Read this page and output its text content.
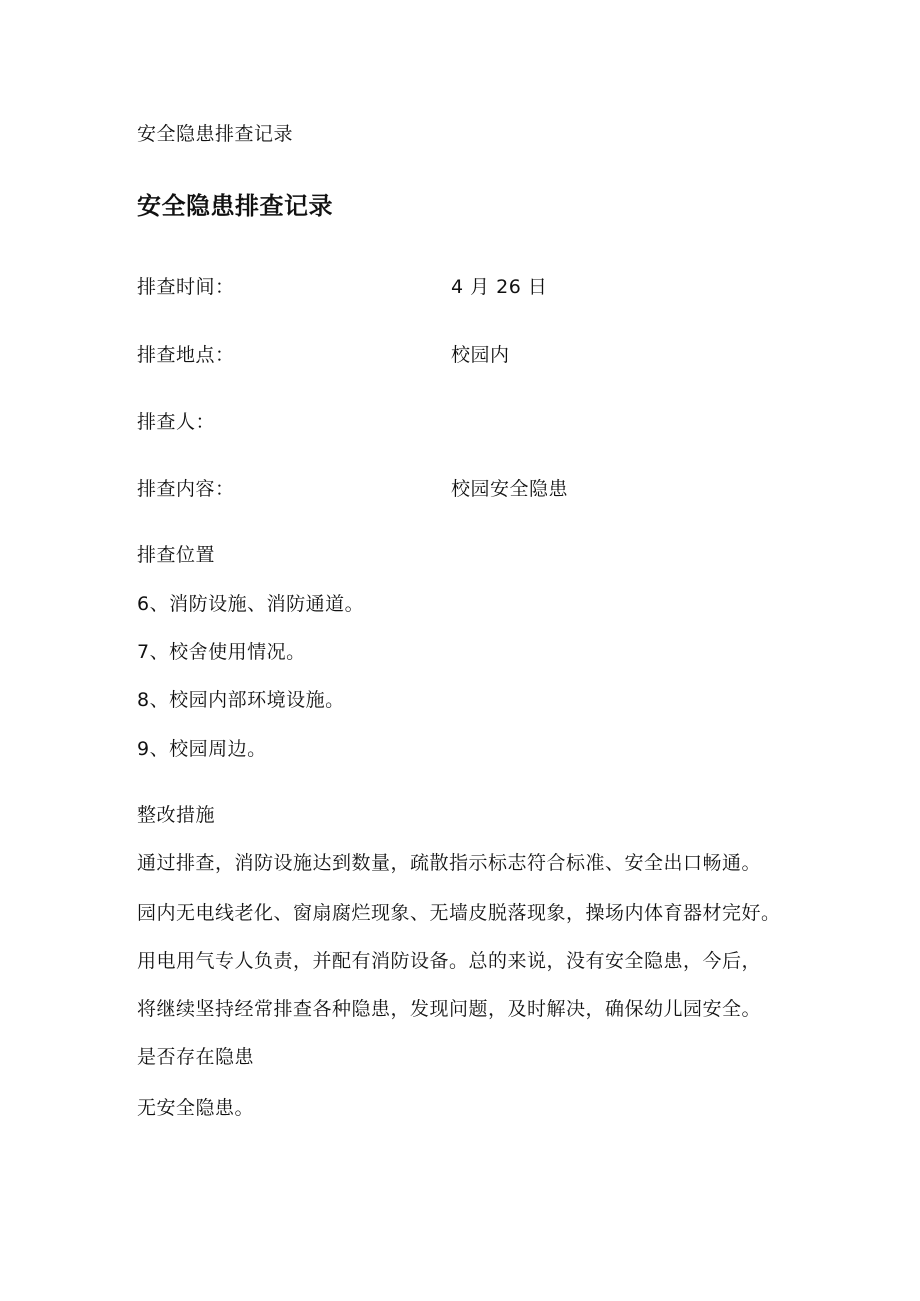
安全隐患排查记录
安全隐患排查记录
排查时间：	4 月 26 日
排查地点：	校园内
排查人：
排查内容：	校园安全隐患
排查位置
6、消防设施、消防通道。
7、校舍使用情况。
8、校园内部环境设施。
9、校园周边。
整改措施
通过排查，消防设施达到数量，疏散指示标志符合标准、安全出口畅通。
园内无电线老化、窗扇腐烂现象、无墙皮脱落现象，操场内体育器材完好。
用电用气专人负责，并配有消防设备。总的来说，没有安全隐患，今后，
将继续坚持经常排查各种隐患，发现问题，及时解决，确保幼儿园安全。
是否存在隐患
无安全隐患。
